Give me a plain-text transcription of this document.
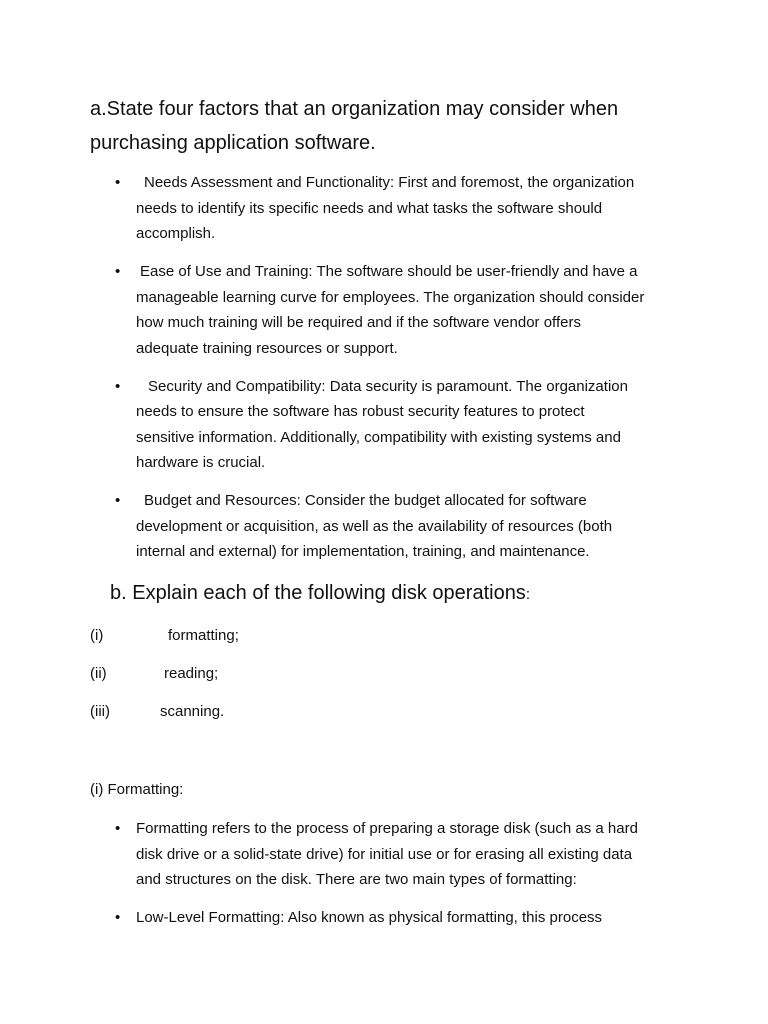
a.State four factors that an organization may consider when
purchasing application software.
•	Needs Assessment and Functionality: First and foremost, the organization
needs to identify its specific needs and what tasks the software should
accomplish.
•	Ease of Use and Training: The software should be user-friendly and have a
manageable learning curve for employees. The organization should consider
how much training will be required and if the software vendor offers
adequate training resources or support.
•	Security and Compatibility: Data security is paramount. The organization
needs to ensure the software has robust security features to protect
sensitive information. Additionally, compatibility with existing systems and
hardware is crucial.
•	Budget and Resources: Consider the budget allocated for software
development or acquisition, as well as the availability of resources (both
internal and external) for implementation, training, and maintenance.
b. Explain each of the following disk operations:
(i)	formatting;
(ii)	reading;
(iii)	scanning.
(i) Formatting:
•	Formatting refers to the process of preparing a storage disk (such as a hard
disk drive or a solid-state drive) for initial use or for erasing all existing data
and structures on the disk. There are two main types of formatting:
•	Low-Level Formatting: Also known as physical formatting, this process
